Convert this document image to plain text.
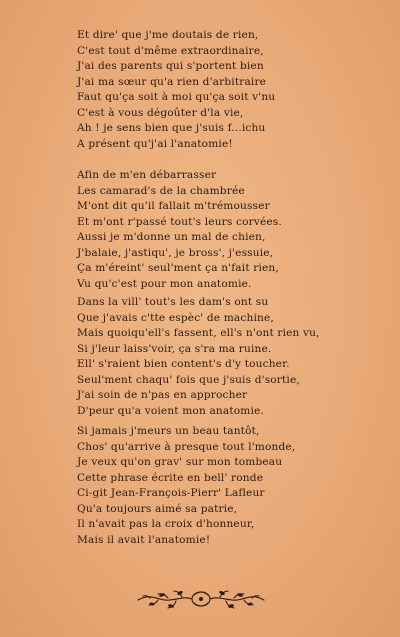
Et dire' que j'me doutais de rien,
C'est tout d'même extraordinaire,
J'ai des parents qui s'portent bien
J'ai ma sœur qu'a rien d'arbitraire
Faut qu'ça soit à moi qu'ça soit v'nu
C'est à vous dégoûter d'la vie,
Ah ! je sens bien que j'suis f...ichu
A présent qu'j'ai l'anatomie!
Afin de m'en débarrasser
Les camarad's de la chambrée
M'ont dit qu'il fallait m'trémousser
Et m'ont r'passé tout's leurs corvées.
Aussi je m'donne un mal de chien,
J'balaie, j'astiqu', je bross', j'essuie,
Ça m'éreint' seul'ment ça n'fait rien,
Vu qu'c'est pour mon anatomie.
Dans la vill' tout's les dam's ont su
Que j'avais c'tte espèc' de machine,
Mais quoiqu'ell's fassent, ell's n'ont rien vu,
Si j'leur laiss'voir, ça s'ra ma ruine.
Ell' s'raient bien content's d'y toucher.
Seul'ment chaqu' fois que j'suis d'sortie,
J'ai soin de n'pas en approcher
D'peur qu'a voient mon anatomie.
Si jamais j'meurs un beau tantôt,
Chos' qu'arrive à presque tout l'monde,
Je veux qu'on grav' sur mon tombeau
Cette phrase écrite en bell' ronde
Ci-git Jean-François-Pierr' Lafleur
Qu'a toujours aimé sa patrie,
Il n'avait pas la croix d'honneur,
Mais il avait l'anatomie!
